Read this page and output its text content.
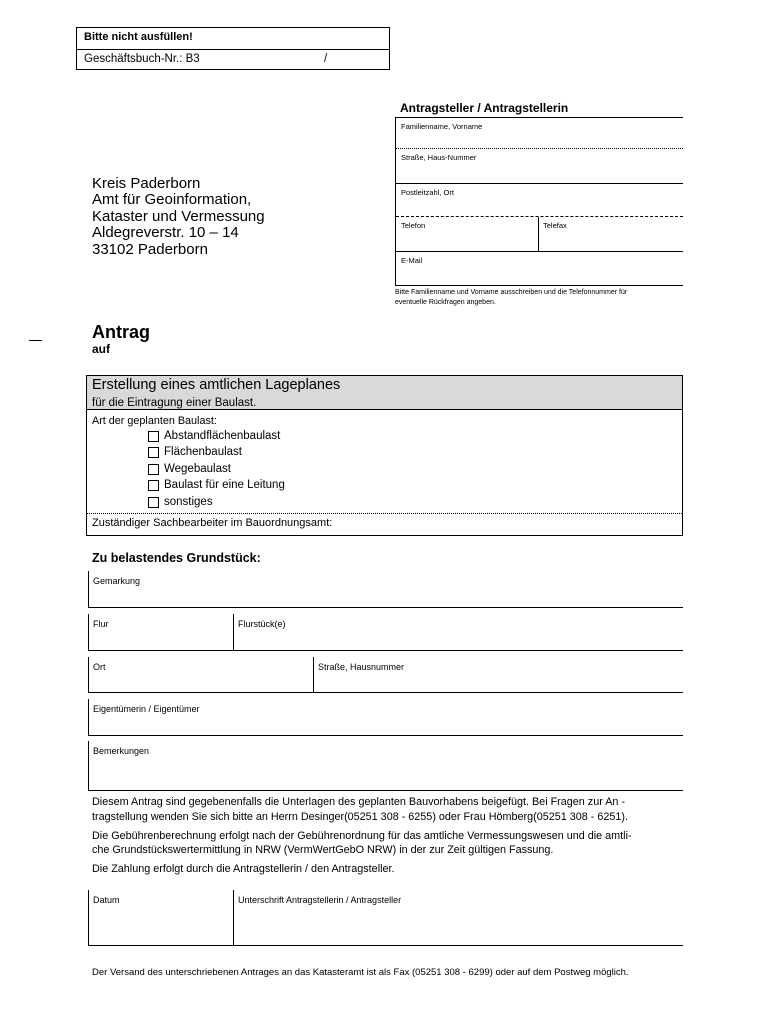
Bitte nicht ausfüllen!
Geschäftsbuch-Nr.: B3	/
Antragsteller / Antragstellerin
Familienname, Vorname
Straße, Haus-Nummer
Postleitzahl, Ort
Telefon	Telefax
E-Mail
Bitte Familienname und Vorname ausschreiben und die Telefonnummer für
eventuelle Rückfragen angeben.
Kreis Paderborn
Amt für Geoinformation,
Kataster und Vermessung
Aldegreverstr. 10 – 14
33102 Paderborn
Antrag
auf
Erstellung eines amtlichen Lageplanes
für die Eintragung einer Baulast.
Art der geplanten Baulast:
Abstandflächenbaulast
Flächenbaulast
Wegebaulast
Baulast für eine Leitung
sonstiges
Zuständiger Sachbearbeiter im Bauordnungsamt:
Zu belastendes Grundstück:
Gemarkung
Flur	Flurstück(e)
Ort	Straße, Hausnummer
Eigentümerin / Eigentümer
Bemerkungen
Diesem Antrag sind gegebenenfalls die Unterlagen des geplanten Bauvorhabens beigefügt. Bei Fragen zur An -
tragstellung wenden Sie sich bitte an Herrn Desinger(05251 308 - 6255) oder Frau Hömberg(05251 308 - 6251).
Die Gebührenberechnung erfolgt nach der Gebührenordnung für das amtliche Vermessungswesen und die amtli-
che Grundstückswertermittlung in NRW (VermWertGebO NRW) in der zur Zeit gültigen Fassung.
Die Zahlung erfolgt durch die Antragstellerin / den Antragsteller.
Datum	Unterschrift Antragstellerin / Antragsteller
Der Versand des unterschriebenen Antrages an das Katasteramt ist als Fax (05251 308 - 6299) oder auf dem Postweg möglich.
